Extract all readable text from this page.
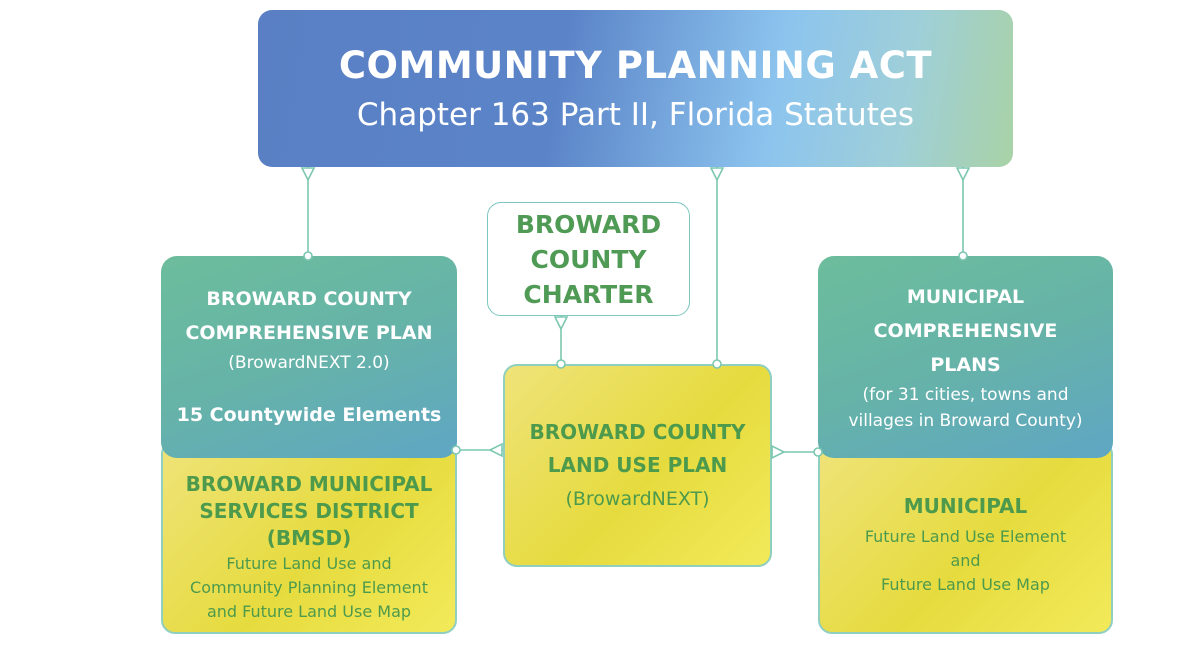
COMMUNITY PLANNING ACT
Chapter 163 Part II, Florida Statutes
BROWARD
COUNTY
CHARTER
BROWARD MUNICIPAL
SERVICES DISTRICT
(BMSD)
Future Land Use and
Community Planning Element
and Future Land Use Map
BROWARD COUNTY
COMPREHENSIVE PLAN
(BrowardNEXT 2.0)
15 Countywide Elements
BROWARD COUNTY
LAND USE PLAN
(BrowardNEXT)	MUNICIPAL
Future Land Use Element
and
Future Land Use Map
MUNICIPAL
COMPREHENSIVE
PLANS
(for 31 cities, towns and
villages in Broward County)
